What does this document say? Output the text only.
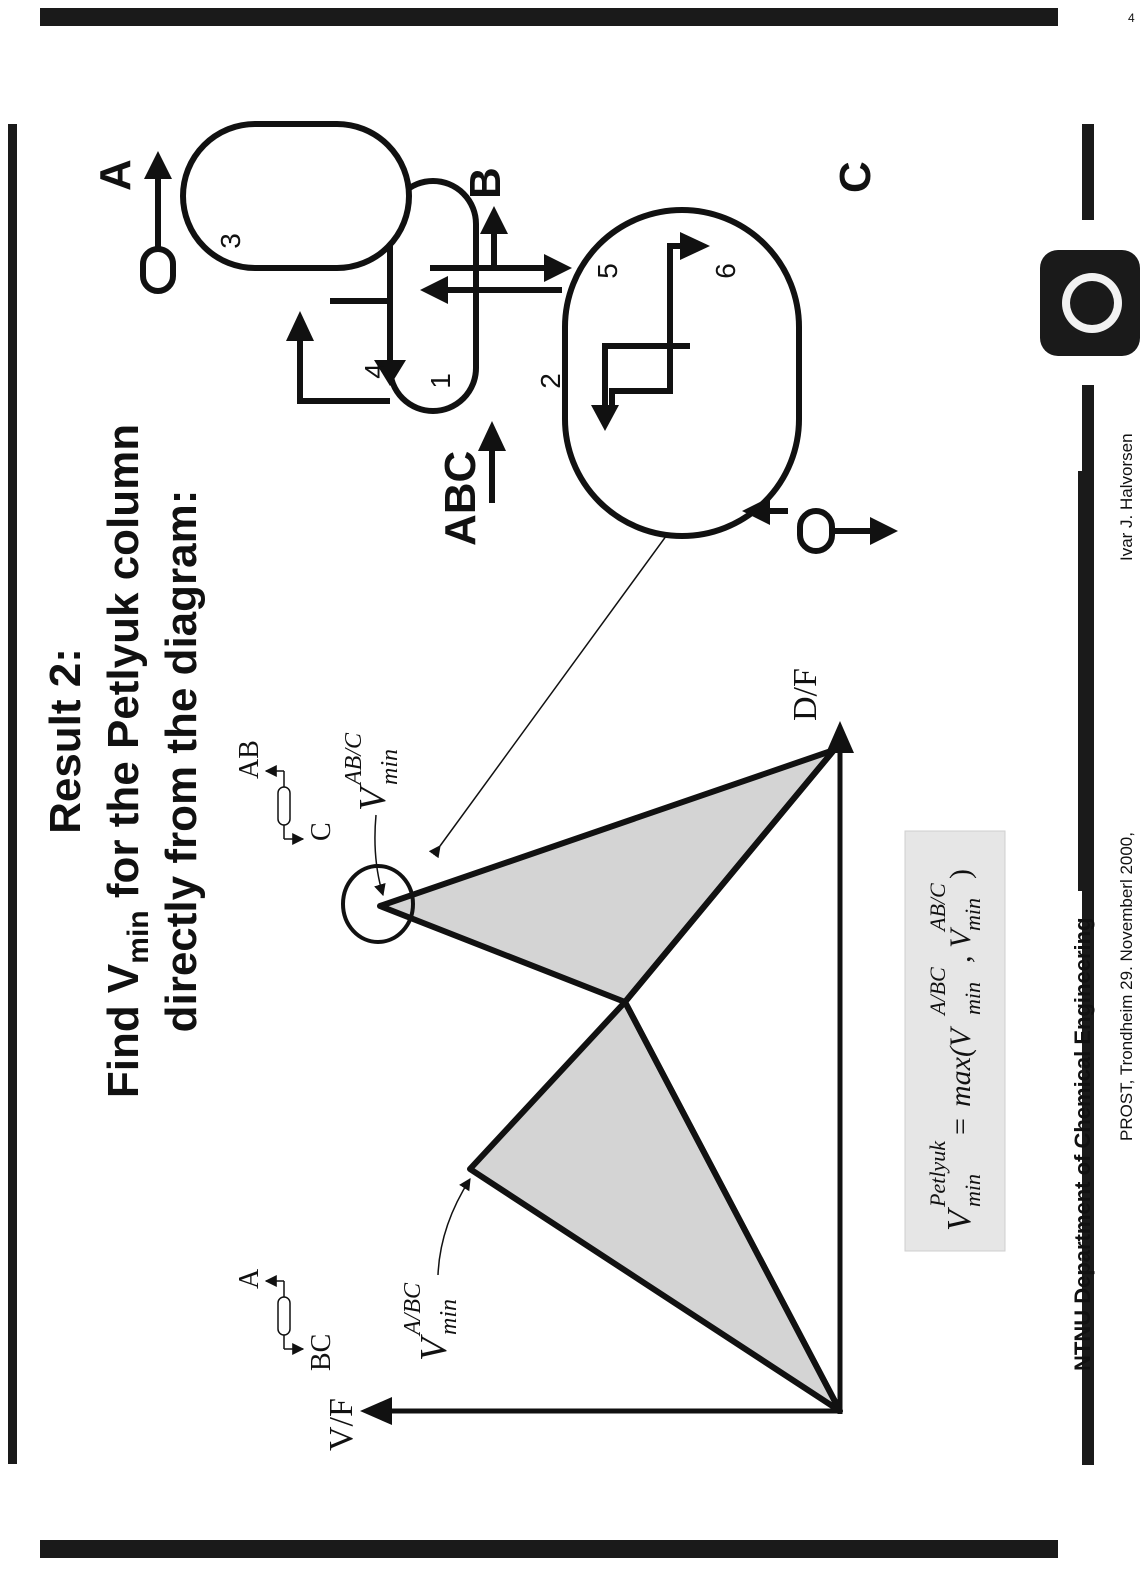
4
Result 2:
Find $V_{min}$ for the Petlyuk column directly from the diagram:
V/F
D/F
V
A/BC min
V
AB/C min
A
BC
AB
C
V
Petlyuk min
=
max(V
A/BC min
, V
AB/C min
)
1	2
3
4
5	6
ABC
A	B	C
NTNU Department of Chemical Engineering PROST, Trondheim 29. Novemberl 2000,
Ivar J. Halvorsen
